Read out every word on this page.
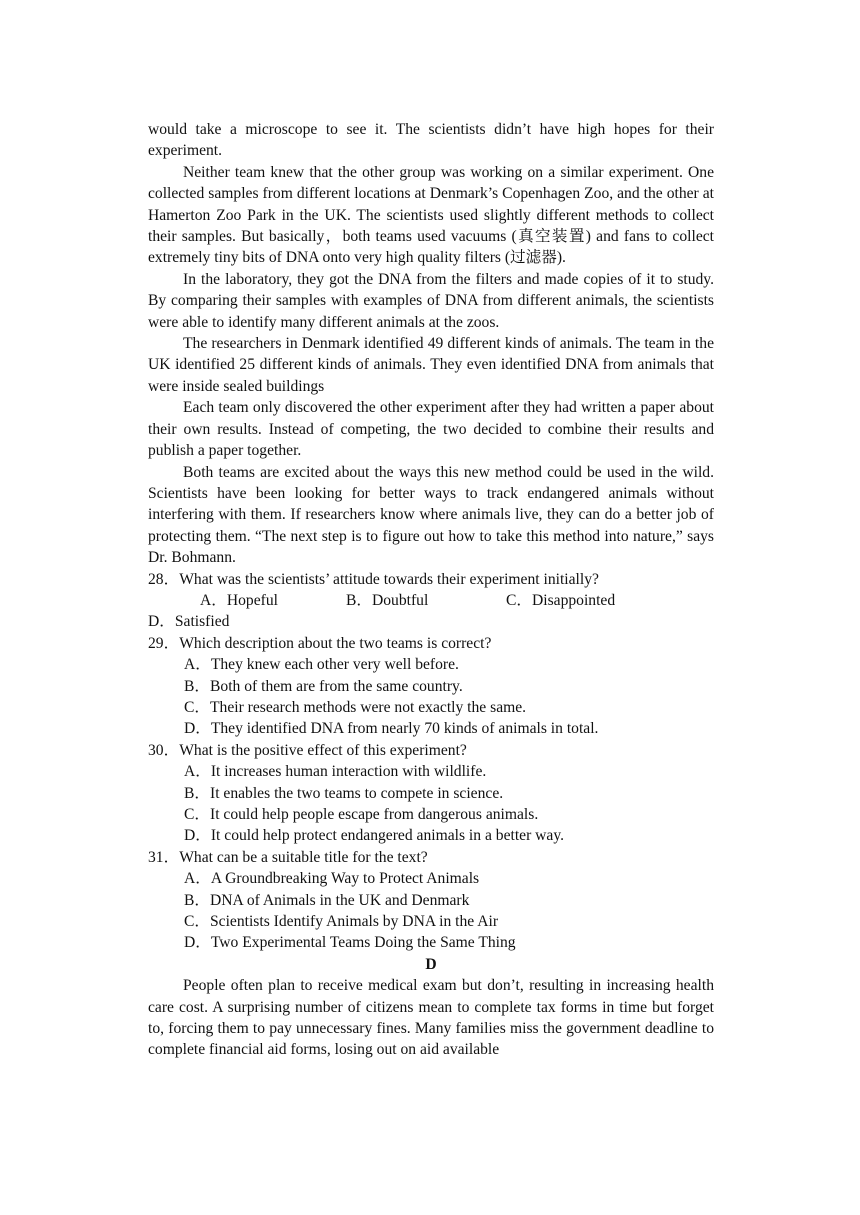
would take a microscope to see it. The scientists didn’t have high hopes for their experiment.

Neither team knew that the other group was working on a similar experiment. One collected samples from different locations at Denmark’s Copenhagen Zoo, and the other at Hamerton Zoo Park in the UK. The scientists used slightly different methods to collect their samples. But basically，both teams used vacuums (真空装置) and fans to collect extremely tiny bits of DNA onto very high quality filters (过滤器).

In the laboratory, they got the DNA from the filters and made copies of it to study. By comparing their samples with examples of DNA from different animals, the scientists were able to identify many different animals at the zoos.

The researchers in Denmark identified 49 different kinds of animals. The team in the UK identified 25 different kinds of animals. They even identified DNA from animals that were inside sealed buildings

Each team only discovered the other experiment after they had written a paper about their own results. Instead of competing, the two decided to combine their results and publish a paper together.

Both teams are excited about the ways this new method could be used in the wild. Scientists have been looking for better ways to track endangered animals without interfering with them. If researchers know where animals live, they can do a better job of protecting them. “The next step is to figure out how to take this method into nature,” says Dr. Bohmann.

28．What was the scientists’ attitude towards their experiment initially?

A．Hopeful	B．Doubtful	C．Disappointed

D．Satisfied

29．Which description about the two teams is correct?

A．They knew each other very well before.

B．Both of them are from the same country.

C．Their research methods were not exactly the same.

D．They identified DNA from nearly 70 kinds of animals in total.

30．What is the positive effect of this experiment?

A．It increases human interaction with wildlife.

B．It enables the two teams to compete in science.

C．It could help people escape from dangerous animals.

D．It could help protect endangered animals in a better way.

31．What can be a suitable title for the text?

A．A Groundbreaking Way to Protect Animals

B．DNA of Animals in the UK and Denmark

C．Scientists Identify Animals by DNA in the Air

D．Two Experimental Teams Doing the Same Thing

D

People often plan to receive medical exam but don’t, resulting in increasing health care cost. A surprising number of citizens mean to complete tax forms in time but forget to, forcing them to pay unnecessary fines. Many families miss the government deadline to complete financial aid forms, losing out on aid available
